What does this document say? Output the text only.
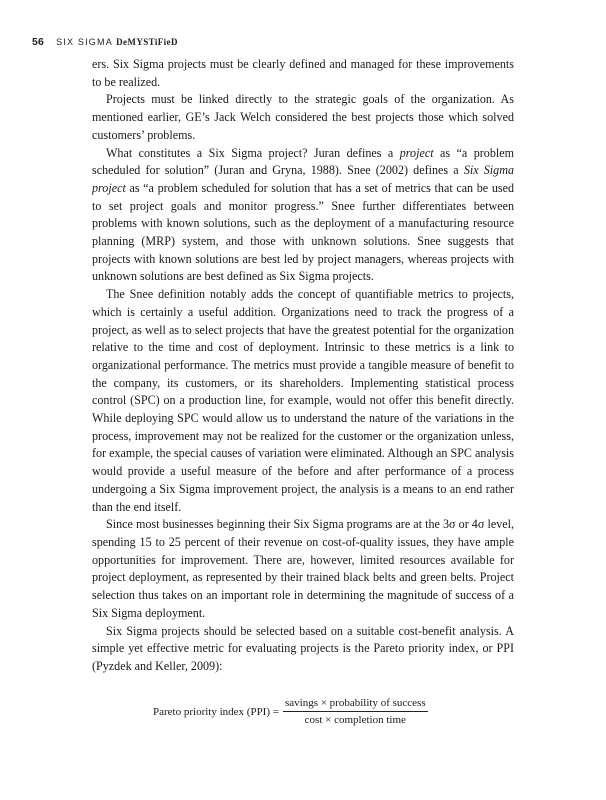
56 SIX SIGMA DeMYSTiFieD

ers. Six Sigma projects must be clearly defined and managed for these improvements to be realized.

Projects must be linked directly to the strategic goals of the organization. As mentioned earlier, GE’s Jack Welch considered the best projects those which solved customers’ problems.

What constitutes a Six Sigma project? Juran defines a project as “a problem scheduled for solution” (Juran and Gryna, 1988). Snee (2002) defines a Six Sigma project as “a problem scheduled for solution that has a set of metrics that can be used to set project goals and monitor progress.” Snee further differentiates between problems with known solutions, such as the deployment of a manufacturing resource planning (MRP) system, and those with unknown solutions. Snee suggests that projects with known solutions are best led by project managers, whereas projects with unknown solutions are best defined as Six Sigma projects.

The Snee definition notably adds the concept of quantifiable metrics to projects, which is certainly a useful addition. Organizations need to track the progress of a project, as well as to select projects that have the greatest potential for the organization relative to the time and cost of deployment. Intrinsic to these metrics is a link to organizational performance. The metrics must provide a tangible measure of benefit to the company, its customers, or its shareholders. Implementing statistical process control (SPC) on a production line, for example, would not offer this benefit directly. While deploying SPC would allow us to understand the nature of the variations in the process, improvement may not be realized for the customer or the organization unless, for example, the special causes of variation were eliminated. Although an SPC analysis would provide a useful measure of the before and after performance of a process undergoing a Six Sigma improvement project, the analysis is a means to an end rather than the end itself.

Since most businesses beginning their Six Sigma programs are at the 3σ or 4σ level, spending 15 to 25 percent of their revenue on cost-of-quality issues, they have ample opportunities for improvement. There are, however, limited resources available for project deployment, as represented by their trained black belts and green belts. Project selection thus takes on an important role in determining the magnitude of success of a Six Sigma deployment.

Six Sigma projects should be selected based on a suitable cost-benefit analysis. A simple yet effective metric for evaluating projects is the Pareto priority index, or PPI (Pyzdek and Keller, 2009):

Pareto priority index $(PPI) = \frac{\text{savings × probability of success}}{\text{cost × completion time}}$
